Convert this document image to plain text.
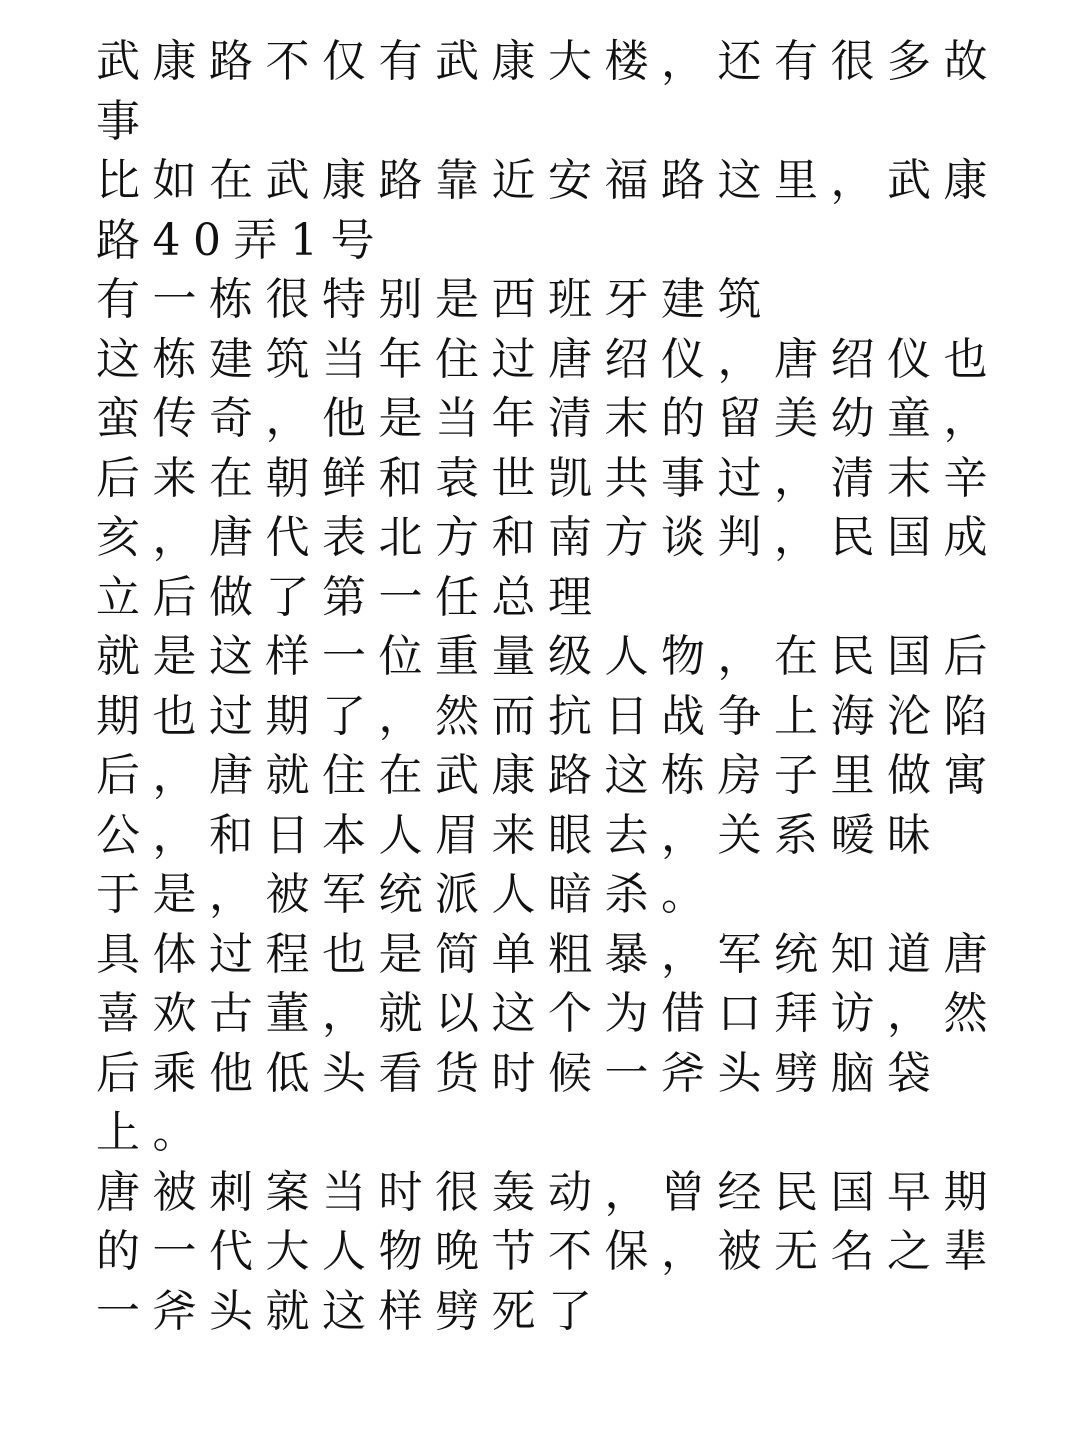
武康路不仅有武康大楼，还有很多故
事
比如在武康路靠近安福路这里，武康
路40弄1号
有一栋很特别是西班牙建筑
这栋建筑当年住过唐绍仪，唐绍仪也
蛮传奇，他是当年清末的留美幼童，
后来在朝鲜和袁世凯共事过，清末辛
亥，唐代表北方和南方谈判，民国成
立后做了第一任总理
就是这样一位重量级人物，在民国后
期也过期了，然而抗日战争上海沦陷
后，唐就住在武康路这栋房子里做寓
公，和日本人眉来眼去，关系暧昧
于是，被军统派人暗杀。
具体过程也是简单粗暴，军统知道唐
喜欢古董，就以这个为借口拜访，然
后乘他低头看货时候一斧头劈脑袋
上。
唐被刺案当时很轰动，曾经民国早期
的一代大人物晚节不保，被无名之辈
一斧头就这样劈死了
